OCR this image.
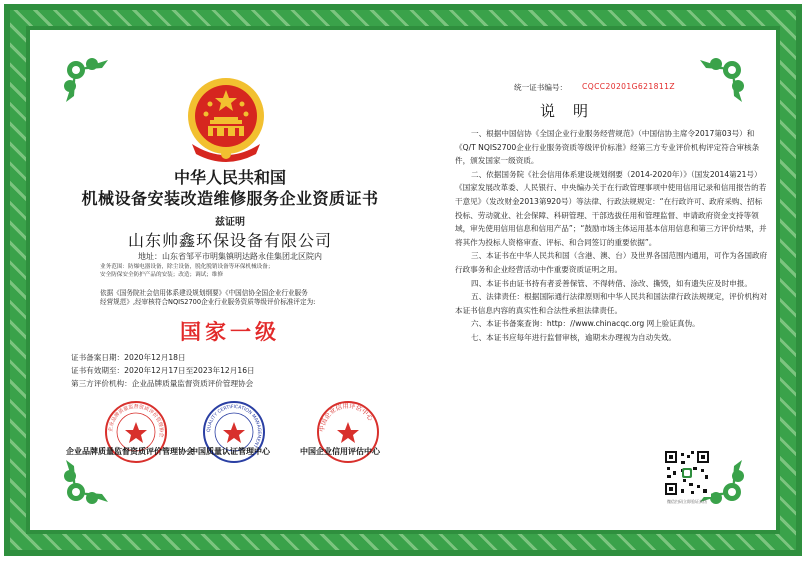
中华人民共和国
机械设备安装改造维修服务企业资质证书
兹证明
山东帅鑫环保设备有限公司
地址：山东省邹平市明集镇明达路永佳集团北区院内
业务范围：防爆电器设备，除尘设备，脱化脱销设备等环保机械设备；
安全防保安全防护产品的安装；改造；调试；维修
依据《国务院社会信用体系建设规划纲要》《中国信协全国企业行业服务
经营规范》,经审核符合NQIS2700企业行业服务资质等级评价标准评定为:
国家一级
证书备案日期：2020年12月18日
证书有效期至：2020年12月17日至2023年12月16日
第三方评价机构：企业品牌质量监督资质评价管理协会
企业品牌质量监督资质评价管理协会
企业品牌质量监督资质评价管理协会
QUALITY CERTIFICATION MANAGEMENT
中国质量认证管理中心
中国企业信用评估中心
中国企业信用评估中心
统一证书编号： CQCC20201G621811Z
说明

一、根据中国信协《全国企业行业服务经营规范》（中国信协主席令2017第03号）和《Q/T NQIS2700企业行业服务资质等级评价标准》经第三方专业评价机构评定符合审核条件，颁发国家一级资质。

二、依据国务院《社会信用体系建设规划纲要（2014-2020年）》（国发2014第21号）《国家发展改革委、人民银行、中央编办关于在行政管理事项中使用信用记录和信用报告的若干意见》（发改财金2013第920号）等法律、行政法规规定：“在行政许可、政府采购、招标投标、劳动就业、社会保障、科研管理、干部选拔任用和管理监督、申请政府资金支持等领域，审先使用信用信息和信用产品”；“鼓励市场主体运用基本信用信息和第三方评价结果，并将其作为投标人资格审查、评标、和合同签订的重要依据”。

三、本证书在中华人民共和国（含港、澳、台）及世界各国范围内通用，可作为各国政府行政事务和企业经营活动中作重要资质证明之用。

四、本证书由证书持有者妥善保管、不得转借、涂改、撕毁，如有遗失应及时申报。

五、法律责任：根据国际通行法律原则和中华人民共和国法律行政法规规定，评价机构对本证书信息内容的真实性和合法性承担法律责任。

六、本证书备案查询：http：//www.chinacqc.org 网上验证真伪。

七、本证书应每年进行监督审核，逾期未办理视为自动失效。

微信扫码立即验证真伪
